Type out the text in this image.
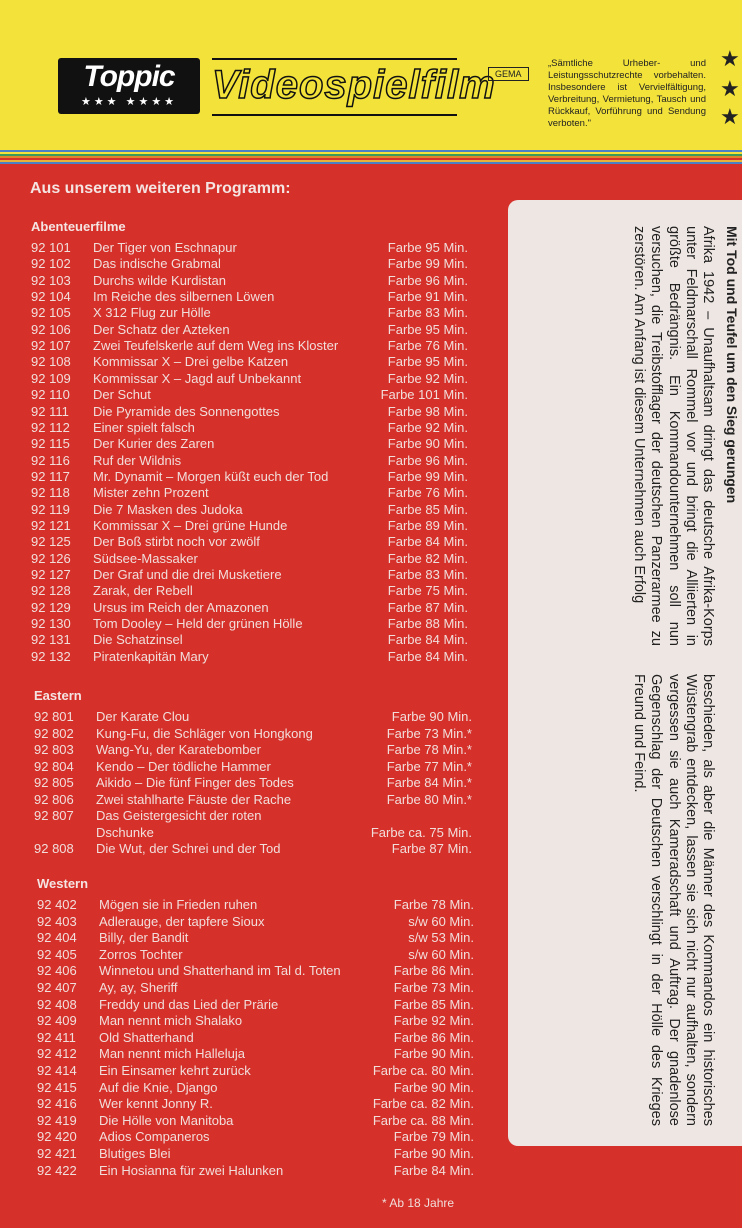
Toppic
★★★ ★★★★ Videospielfilm GEMA
„Sämtliche Urheber- und Leistungsschutzrechte vorbehalten. Insbesondere ist Vervielfältigung, Verbreitung, Vermietung, Tausch und Rückkauf, Vorführung und Sendung verboten."
★
★
★
Aus unserem weiteren Programm:
Abenteuerfilme
92 101 Der Tiger von Eschnapur	Farbe 95 Min.
92 102 Das indische Grabmal	Farbe 99 Min.
92 103 Durchs wilde Kurdistan	Farbe 96 Min.
92 104 Im Reiche des silbernen Löwen	Farbe 91 Min.
92 105 X 312 Flug zur Hölle	Farbe 83 Min.
92 106 Der Schatz der Azteken	Farbe 95 Min.
92 107 Zwei Teufelskerle auf dem Weg ins Kloster	Farbe 76 Min.
92 108 Kommissar X – Drei gelbe Katzen	Farbe 95 Min.
92 109 Kommissar X – Jagd auf Unbekannt	Farbe 92 Min.
92 110 Der Schut	Farbe 101 Min.
92 111 Die Pyramide des Sonnengottes	Farbe 98 Min.
92 112 Einer spielt falsch	Farbe 92 Min.
92 115 Der Kurier des Zaren	Farbe 90 Min.
92 116 Ruf der Wildnis	Farbe 96 Min.
92 117 Mr. Dynamit – Morgen küßt euch der Tod	Farbe 99 Min.
92 118 Mister zehn Prozent	Farbe 76 Min.
92 119 Die 7 Masken des Judoka	Farbe 85 Min.
92 121 Kommissar X – Drei grüne Hunde	Farbe 89 Min.
92 125 Der Boß stirbt noch vor zwölf	Farbe 84 Min.
92 126 Südsee-Massaker	Farbe 82 Min.
92 127 Der Graf und die drei Musketiere	Farbe 83 Min.
92 128 Zarak, der Rebell	Farbe 75 Min.
92 129 Ursus im Reich der Amazonen	Farbe 87 Min.
92 130 Tom Dooley – Held der grünen Hölle	Farbe 88 Min.
92 131 Die Schatzinsel	Farbe 84 Min.
92 132 Piratenkapitän Mary	Farbe 84 Min.
Eastern
92 801 Der Karate Clou	Farbe 90 Min.
92 802 Kung-Fu, die Schläger von Hongkong	Farbe 73 Min.*
92 803 Wang-Yu, der Karatebomber	Farbe 78 Min.*
92 804 Kendo – Der tödliche Hammer	Farbe 77 Min.*
92 805 Aikido – Die fünf Finger des Todes	Farbe 84 Min.*
92 806 Zwei stahlharte Fäuste der Rache	Farbe 80 Min.*
92 807 Das Geistergesicht der roten
Dschunke	Farbe ca. 75 Min.
92 808 Die Wut, der Schrei und der Tod	Farbe 87 Min.
Western
92 402 Mögen sie in Frieden ruhen	Farbe 78 Min.
92 403 Adlerauge, der tapfere Sioux	s/w 60 Min.
92 404 Billy, der Bandit	s/w 53 Min.
92 405 Zorros Tochter	s/w 60 Min.
92 406 Winnetou und Shatterhand im Tal d. Toten	Farbe 86 Min.
92 407 Ay, ay, Sheriff	Farbe 73 Min.
92 408 Freddy und das Lied der Prärie	Farbe 85 Min.
92 409 Man nennt mich Shalako	Farbe 92 Min.
92 411 Old Shatterhand	Farbe 86 Min.
92 412 Man nennt mich Halleluja	Farbe 90 Min.
92 414 Ein Einsamer kehrt zurück	Farbe ca. 80 Min.
92 415 Auf die Knie, Django	Farbe 90 Min.
92 416 Wer kennt Jonny R.	Farbe ca. 82 Min.
92 419 Die Hölle von Manitoba	Farbe ca. 88 Min.
92 420 Adios Companeros	Farbe 79 Min.
92 421 Blutiges Blei	Farbe 90 Min.
92 422 Ein Hosianna für zwei Halunken	Farbe 84 Min.
* Ab 18 Jahre
Mit Tod und Teufel um den Sieg gerungen
Afrika 1942 – Unaufhaltsam dringt das deutsche Afrika-Korps unter Feldmarschall Rommel vor und bringt die Alliierten in größte Bedrängnis. Ein Kommandounternehmen soll nun versuchen, die Treibstofflager der deutschen Panzerarmee zu zerstören. Am Anfang ist diesem Unternehmen auch Erfolg
beschieden, als aber die Männer des Kommandos ein historisches Wüstengrab entdecken, lassen sie sich nicht nur aufhalten, sondern vergessen sie auch Kameradschaft und Auftrag. Der gnadenlose Gegenschlag der Deutschen verschlingt in der Hölle des Krieges Freund und Feind.
